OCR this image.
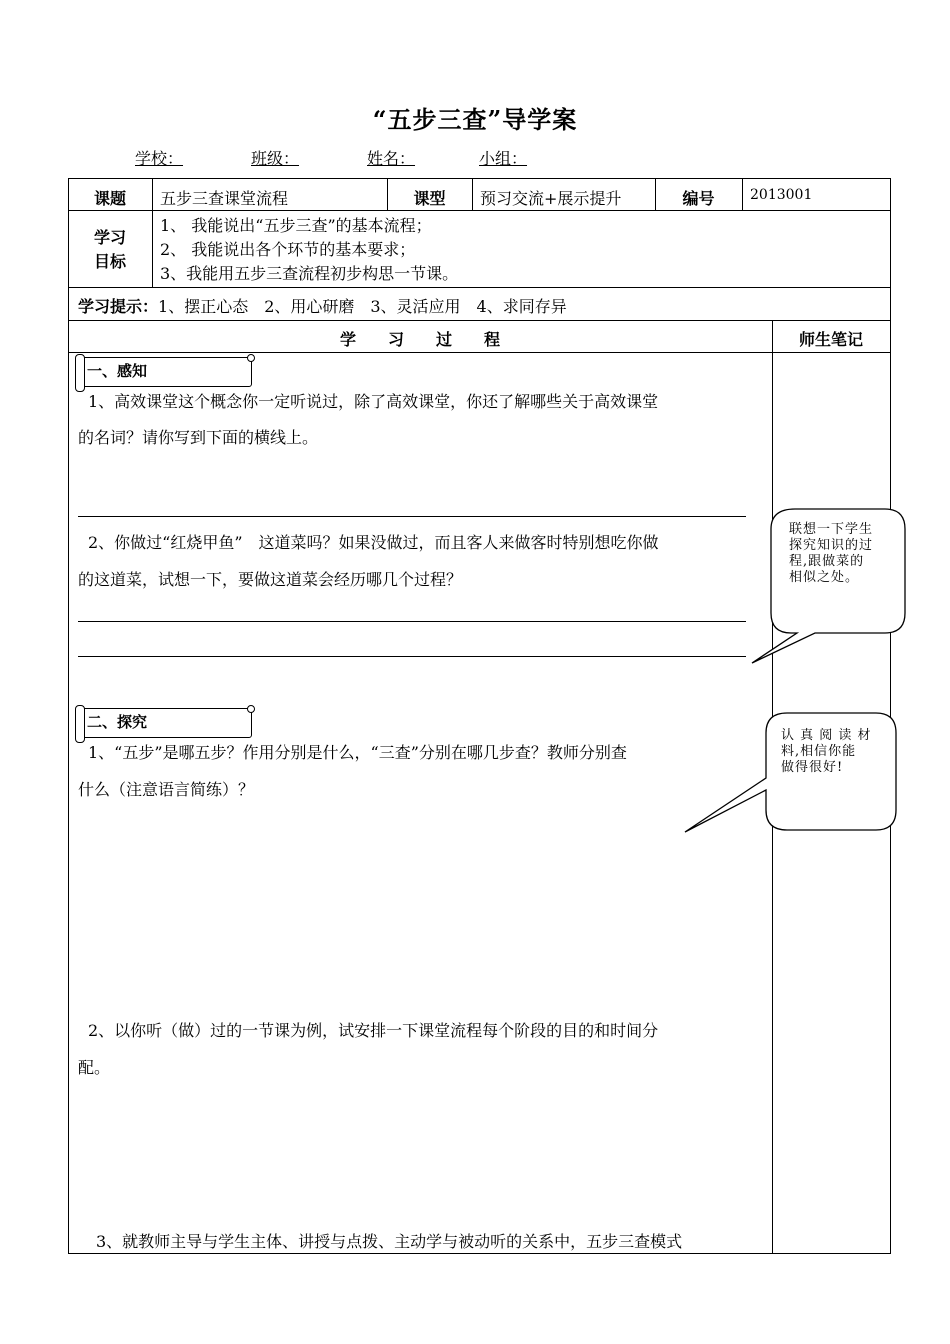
“五步三查”导学案
学校：	班级：	姓名：	小组：
课题	五步三查课堂流程	课型	预习交流+展示提升	编号	2013001
学习
目标
1、 我能说出“五步三查”的基本流程；
2、 我能说出各个环节的基本要求；
3、我能用五步三查流程初步构思一节课。
学习提示：1、摆正心态　2、用心研磨　3、灵活应用　4、求同存异
学　　习　　过　　程	师生笔记
一、感知
1、高效课堂这个概念你一定听说过，除了高效课堂，你还了解哪些关于高效课堂
的名词？请你写到下面的横线上。
2、你做过“红烧甲鱼”　这道菜吗？如果没做过，而且客人来做客时特别想吃你做
的这道菜，试想一下，要做这道菜会经历哪几个过程？
二、探究
1、“五步”是哪五步？作用分别是什么，“三查”分别在哪几步查？教师分别查
什么（注意语言简练）？
2、以你听（做）过的一节课为例，试安排一下课堂流程每个阶段的目的和时间分
配。
3、就教师主导与学生主体、讲授与点拨、主动学与被动听的关系中，五步三查模式
联想一下学生
探究知识的过
程,跟做菜的
相似之处。
认 真 阅 读 材
料,相信你能
做得很好!
